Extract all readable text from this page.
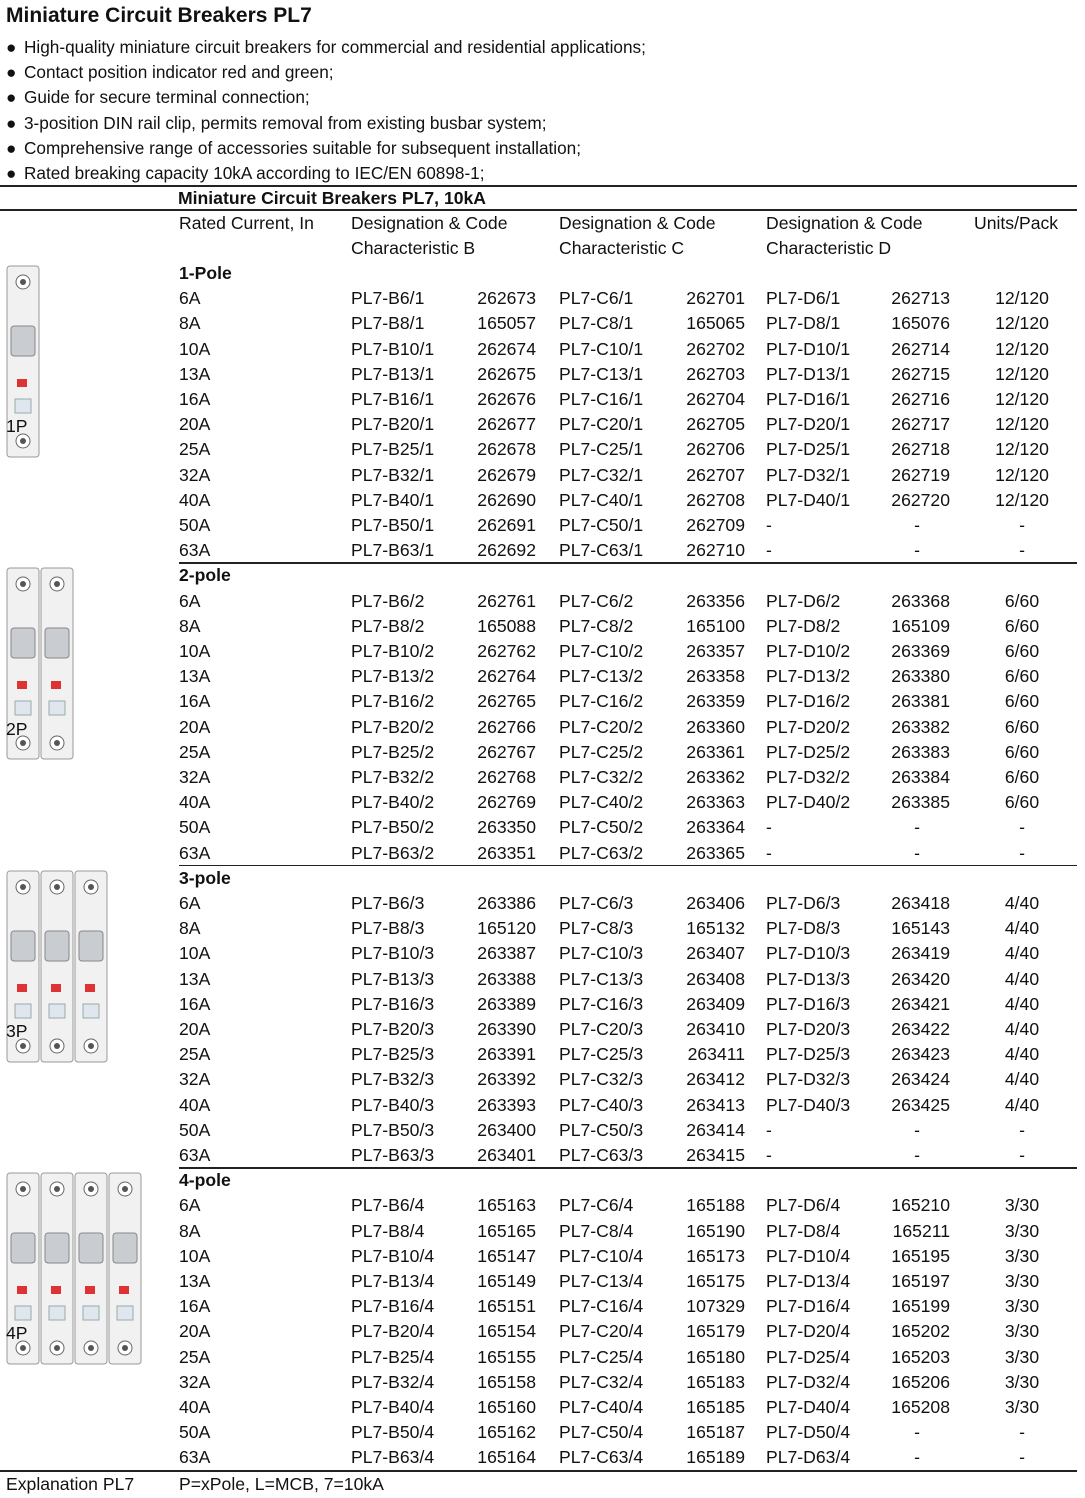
Miniature Circuit Breakers PL7
● High-quality miniature circuit breakers for commercial and residential applications;
● Contact position indicator red and green;
● Guide for secure terminal connection;
● 3-position DIN rail clip, permits removal from existing busbar system;
● Comprehensive range of accessories suitable for subsequent installation;
● Rated breaking capacity 10kA according to IEC/EN 60898-1;
Miniature Circuit Breakers PL7, 10kA
Rated Current, In Designation & Code	Designation & Code	Designation & Code	Units/Pack
Characteristic B	Characteristic C	Characteristic D
1-Pole
6A	PL7-B6/1	262673 PL7-C6/1	262701 PL7-D6/1	262713	12/120
8A	PL7-B8/1	165057 PL7-C8/1	165065 PL7-D8/1	165076	12/120
10A	PL7-B10/1	262674 PL7-C10/1	262702 PL7-D10/1	262714	12/120
13A	PL7-B13/1	262675 PL7-C13/1	262703 PL7-D13/1	262715	12/120
16A	PL7-B16/1	262676 PL7-C16/1	262704 PL7-D16/1	262716	12/120
20A	PL7-B20/1	262677 PL7-C20/1	262705 PL7-D20/1	262717	12/120
25A	PL7-B25/1	262678 PL7-C25/1	262706 PL7-D25/1	262718	12/120
32A	PL7-B32/1	262679 PL7-C32/1	262707 PL7-D32/1	262719	12/120
40A	PL7-B40/1	262690 PL7-C40/1	262708 PL7-D40/1	262720	12/120
50A	PL7-B50/1	262691 PL7-C50/1	262709 -	-	-
63A	PL7-B63/1	262692 PL7-C63/1	262710 -	-	-
1P
2-pole
6A	PL7-B6/2	262761 PL7-C6/2	263356 PL7-D6/2	263368	6/60
8A	PL7-B8/2	165088 PL7-C8/2	165100 PL7-D8/2	165109	6/60
10A	PL7-B10/2	262762 PL7-C10/2	263357 PL7-D10/2	263369	6/60
13A	PL7-B13/2	262764 PL7-C13/2	263358 PL7-D13/2	263380	6/60
16A	PL7-B16/2	262765 PL7-C16/2	263359 PL7-D16/2	263381	6/60
20A	PL7-B20/2	262766 PL7-C20/2	263360 PL7-D20/2	263382	6/60
25A	PL7-B25/2	262767 PL7-C25/2	263361 PL7-D25/2	263383	6/60
32A	PL7-B32/2	262768 PL7-C32/2	263362 PL7-D32/2	263384	6/60
40A	PL7-B40/2	262769 PL7-C40/2	263363 PL7-D40/2	263385	6/60
50A	PL7-B50/2	263350 PL7-C50/2	263364 -	-	-
63A	PL7-B63/2	263351 PL7-C63/2	263365 -	-	-
2P
3-pole
6A	PL7-B6/3	263386 PL7-C6/3	263406 PL7-D6/3	263418	4/40
8A	PL7-B8/3	165120 PL7-C8/3	165132 PL7-D8/3	165143	4/40
10A	PL7-B10/3	263387 PL7-C10/3	263407 PL7-D10/3	263419	4/40
13A	PL7-B13/3	263388 PL7-C13/3	263408 PL7-D13/3	263420	4/40
16A	PL7-B16/3	263389 PL7-C16/3	263409 PL7-D16/3	263421	4/40
20A	PL7-B20/3	263390 PL7-C20/3	263410 PL7-D20/3	263422	4/40
25A	PL7-B25/3	263391 PL7-C25/3	263411 PL7-D25/3	263423	4/40
32A	PL7-B32/3	263392 PL7-C32/3	263412 PL7-D32/3	263424	4/40
40A	PL7-B40/3	263393 PL7-C40/3	263413 PL7-D40/3	263425	4/40
50A	PL7-B50/3	263400 PL7-C50/3	263414 -	-	-
63A	PL7-B63/3	263401 PL7-C63/3	263415 -	-	-
3P
4-pole
6A	PL7-B6/4	165163 PL7-C6/4	165188 PL7-D6/4	165210	3/30
8A	PL7-B8/4	165165 PL7-C8/4	165190 PL7-D8/4	165211	3/30
10A	PL7-B10/4	165147 PL7-C10/4	165173 PL7-D10/4	165195	3/30
13A	PL7-B13/4	165149 PL7-C13/4	165175 PL7-D13/4	165197	3/30
16A	PL7-B16/4	165151 PL7-C16/4	107329 PL7-D16/4	165199	3/30
20A	PL7-B20/4	165154 PL7-C20/4	165179 PL7-D20/4	165202	3/30
25A	PL7-B25/4	165155 PL7-C25/4	165180 PL7-D25/4	165203	3/30
32A	PL7-B32/4	165158 PL7-C32/4	165183 PL7-D32/4	165206	3/30
40A	PL7-B40/4	165160 PL7-C40/4	165185 PL7-D40/4	165208	3/30
50A	PL7-B50/4	165162 PL7-C50/4	165187 PL7-D50/4	-	-
63A	PL7-B63/4	165164 PL7-C63/4	165189 PL7-D63/4	-	-
4P
Explanation PL7	P=xPole, L=MCB, 7=10kA
